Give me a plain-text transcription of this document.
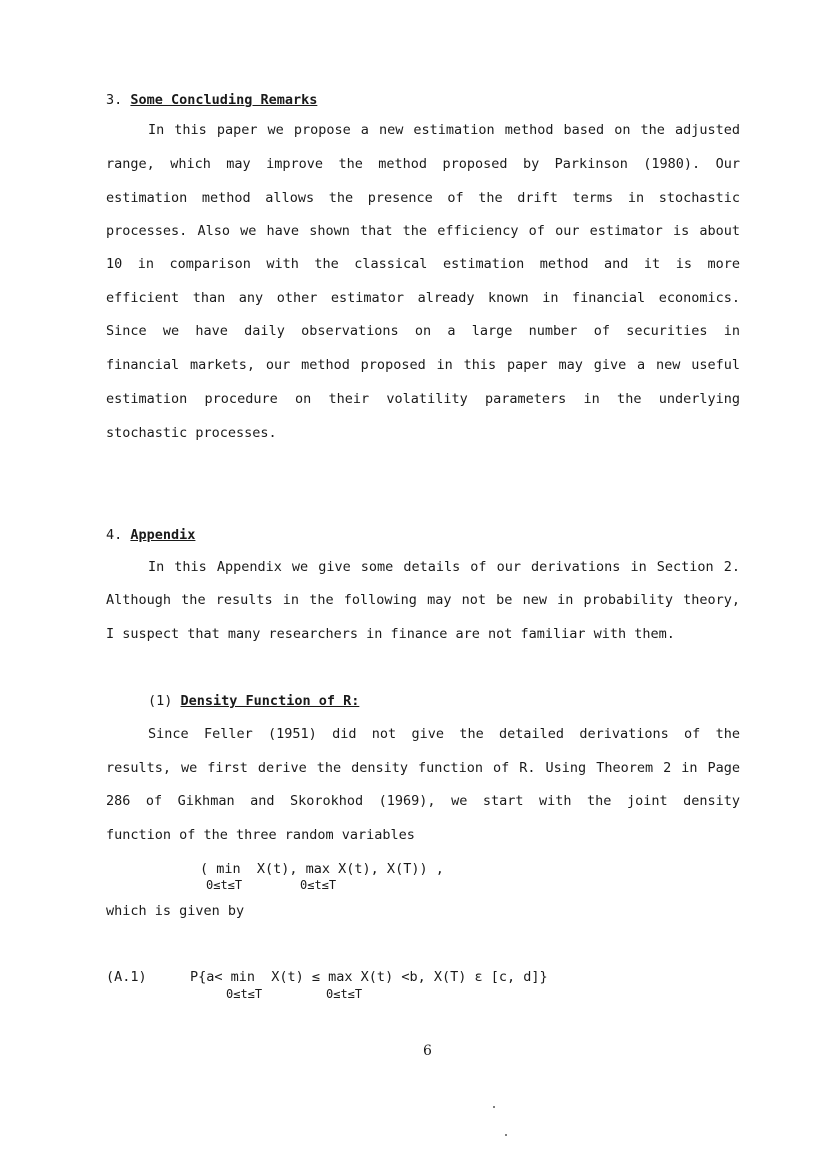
3. Some Concluding Remarks
In this paper we propose a new estimation method based on the adjusted
range, which may improve the method proposed by Parkinson (1980). Our
estimation method allows the presence of the drift terms in stochastic
processes. Also we have shown that the efficiency of our estimator is about
10 in comparison with the classical estimation method and it is more
efficient than any other estimator already known in financial economics.
Since we have daily observations on a large number of securities in
financial markets, our method proposed in this paper may give a new useful
estimation procedure on their volatility parameters in the underlying
stochastic processes.
4. Appendix
In this Appendix we give some details of our derivations in Section 2.
Although the results in the following may not be new in probability theory,
I suspect that many researchers in finance are not familiar with them.
(1) Density Function of R:
Since Feller (1951) did not give the detailed derivations of the
results, we first derive the density function of R. Using Theorem 2 in Page
286 of Gikhman and Skorokhod (1969), we start with the joint density
function of the three random variables
( min  X(t), max X(t), X(T)) ,
0≤t≤T	0≤t≤T
which is given by
(A.1)	P{a< min  X(t) ≤ max X(t) <b, X(T) ε [c, d]}
0≤t≤T	0≤t≤T
6
